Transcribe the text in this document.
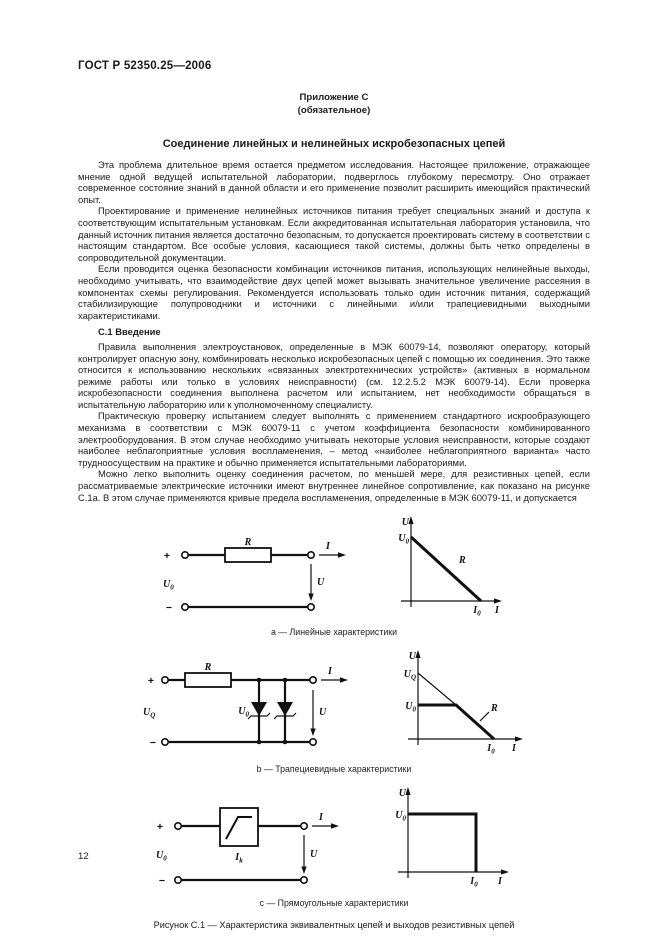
ГОСТ Р 52350.25—2006
Приложение С
(обязательное)
Соединение линейных и нелинейных искробезопасных цепей

Эта проблема длительное время остается предметом исследования. Настоящее приложение, отражающее мнение одной ведущей испытательной лаборатории, подверглось глубокому пересмотру. Оно отражает современное состояние знаний в данной области и его применение позволит расширить имеющийся практический опыт.

Проектирование и применение нелинейных источников питания требует специальных знаний и доступа к соответствующим испытательным установкам. Если аккредитованная испытательная лаборатория установила, что данный источник питания является достаточно безопасным, то допускается проектировать систему в соответствии с настоящим стандартом. Все особые условия, касающиеся такой системы, должны быть четко определены в сопроводительной документации.

Если проводится оценка безопасности комбинации источников питания, использующих нелинейные выходы, необходимо учитывать, что взаимодействие двух цепей может вызывать значительное увеличение рассеяния в компонентах схемы регулирования. Рекомендуется использовать только один источник питания, содержащий стабилизирующие полупроводники и источники с линейными и/или трапециевидными выходными характеристиками.

С.1 Введение

Правила выполнения электроустановок, определенные в МЭК 60079-14, позволяют оператору, который контролирует опасную зону, комбинировать несколько искробезопасных цепей с помощью их соединения. Это также относится к использованию нескольких «связанных электротехнических устройств» (активных в нормальном режиме работы или только в условиях неисправности) (см. 12.2.5.2 МЭК 60079-14). Если проверка искробезопасности соединения выполнена расчетом или испытанием, нет необходимости обращаться в испытательную лабораторию или к уполномоченному специалисту.

Практическую проверку испытанием следует выполнять с применением стандартного искрообразующего механизма в соответствии с МЭК 60079-11 с учетом коэффициента безопасности комбинированного электрооборудования. В этом случае необходимо учитывать некоторые условия неисправности, которые создают наиболее неблагоприятные условия воспламенения, – метод «наиболее неблагоприятного варианта» часто трудноосуществим на практике и обычно применяется испытательными лабораториями.

Можно легко выполнить оценку соединения расчетом, по меньшей мере, для резистивных цепей, если рассматриваемые электрические источники имеют внутреннее линейное сопротивление, как показано на рисунке С.1а. В этом случае применяются кривые предела воспламенения, определенные в МЭК 60079-11, и допускается

+
−
R	I
U
$U_0$
U
$U_0$
R
$I_0$ I
а — Линейные характеристики
+
−
R
$U_0$
I
U
$U_Q$
U
$U_Q$
$U_0$	R
$I_0$ I
b — Трапециевидные характеристики
+
−
$I_k$
I
U
$U_0$
U
$U_0$
$I_0$ I
с — Прямоугольные характеристики
Рисунок С.1 — Характеристика эквивалентных цепей и выходов резистивных цепей
12
